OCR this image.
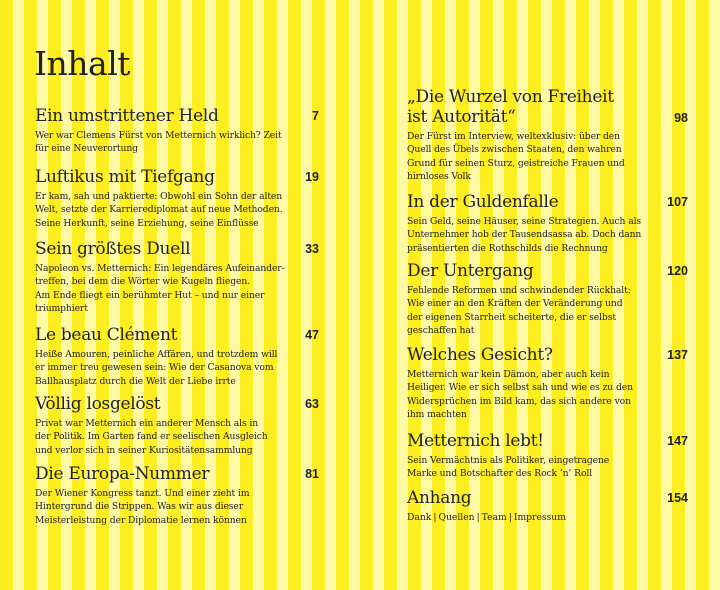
Inhalt
Ein umstrittener Held	7
Wer war Clemens Fürst von Metternich wirklich? Zeit
für eine Neuverortung
Luftikus mit Tiefgang	19
Er kam, sah und paktierte: Obwohl ein Sohn der alten
Welt, setzte der Karrierediplomat auf neue Methoden.
Seine Herkunft, seine Erziehung, seine Einflüsse
Sein größtes Duell	33
Napoleon vs. Metternich: Ein legendäres Aufeinander-
treffen, bei dem die Wörter wie Kugeln fliegen.
Am Ende fliegt ein berühmter Hut – und nur einer
triumphiert
Le beau Clément	47
Heiße Amouren, peinliche Affären, und trotzdem will
er immer treu gewesen sein: Wie der Casanova vom
Ballhausplatz durch die Welt der Liebe irrte
Völlig losgelöst	63
Privat war Metternich ein anderer Mensch als in
der Politik. Im Garten fand er seelischen Ausgleich
und verlor sich in seiner Kuriositätensammlung
Die Europa-Nummer	81
Der Wiener Kongress tanzt. Und einer zieht im
Hintergrund die Strippen. Was wir aus dieser
Meisterleistung der Diplomatie lernen können
„Die Wurzel von Freiheit
ist Autorität“	98
Der Fürst im Interview, weltexklusiv: über den
Quell des Übels zwischen Staaten, den wahren
Grund für seinen Sturz, geistreiche Frauen und
hirnloses Volk
In der Guldenfalle	107
Sein Geld, seine Häuser, seine Strategien. Auch als
Unternehmer hob der Tausendsassa ab. Doch dann
präsentierten die Rothschilds die Rechnung
Der Untergang	120
Fehlende Reformen und schwindender Rückhalt:
Wie einer an den Kräften der Veränderung und
der eigenen Starrheit scheiterte, die er selbst
geschaffen hat
Welches Gesicht?	137
Metternich war kein Dämon, aber auch kein
Heiliger. Wie er sich selbst sah und wie es zu den
Widersprüchen im Bild kam, das sich andere von
ihm machten
Metternich lebt!	147
Sein Vermächtnis als Politiker, eingetragene
Marke und Botschafter des Rock ’n’ Roll
Anhang	154
Dank | Quellen | Team | Impressum
